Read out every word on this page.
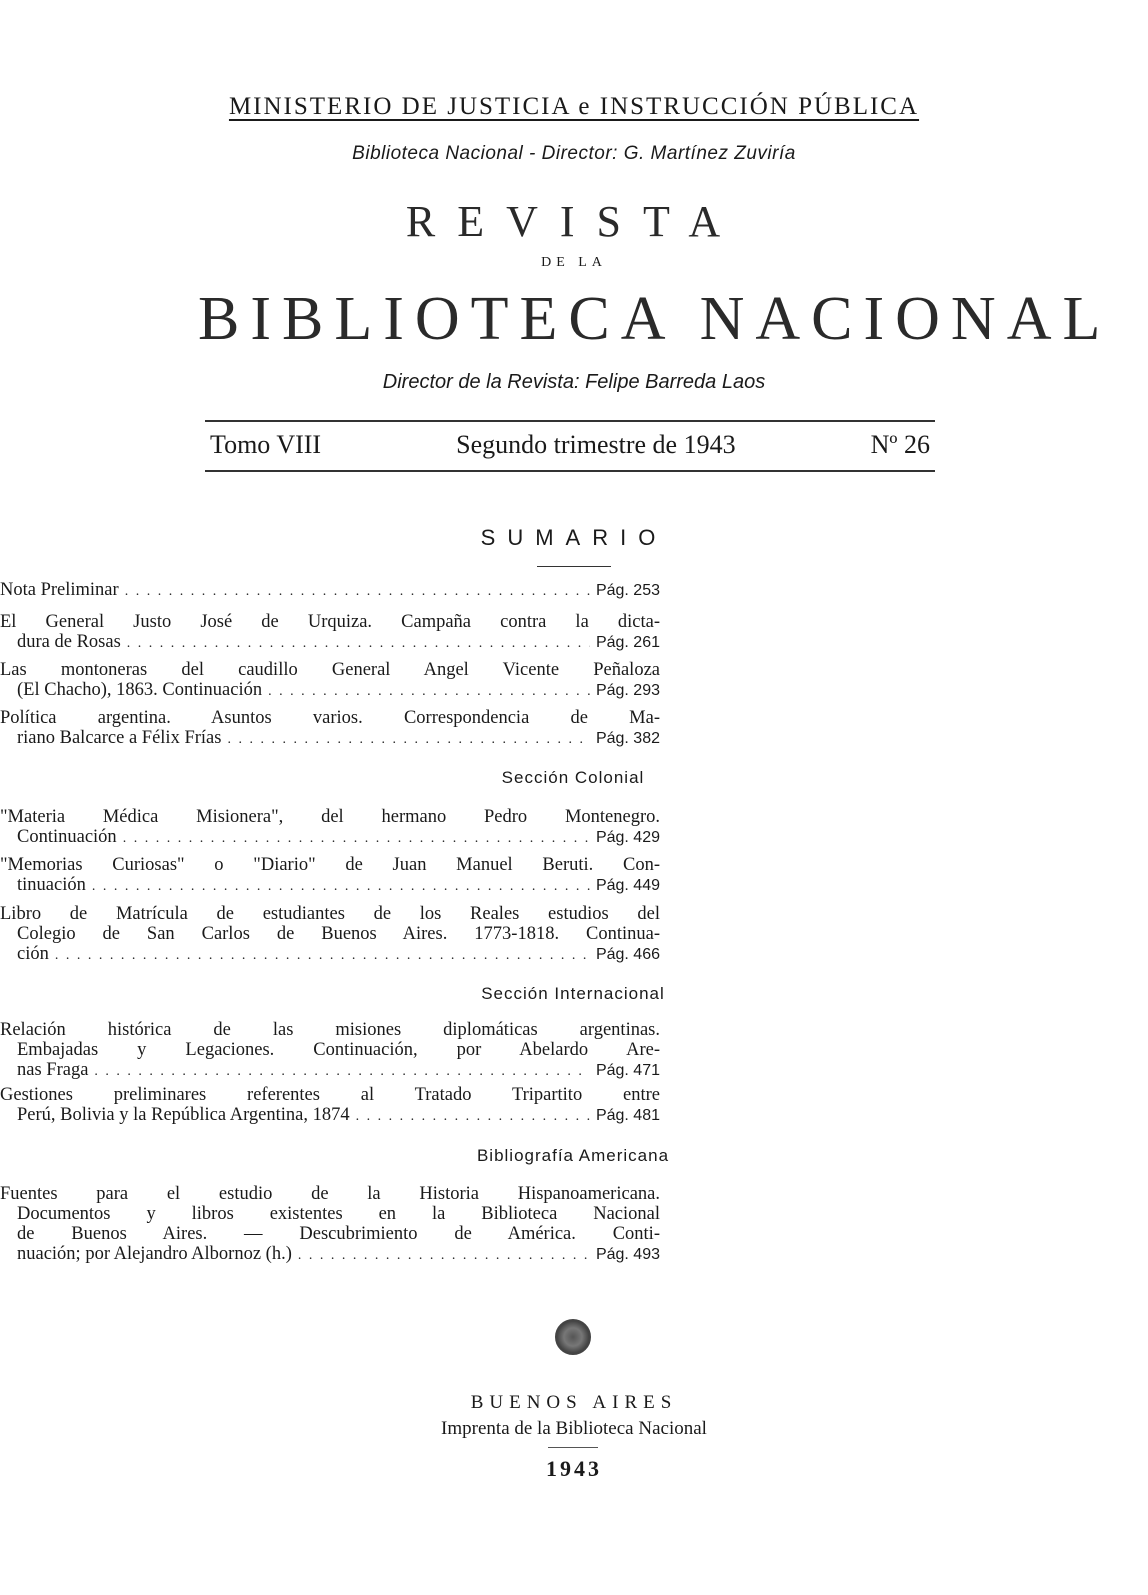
MINISTERIO DE JUSTICIA e INSTRUCCIÓN PÚBLICA
Biblioteca Nacional - Director: G. Martínez Zuviría
REVISTA
DE LA
BIBLIOTECA NACIONAL
Director de la Revista: Felipe Barreda Laos
Tomo VIII	Segundo trimestre de 1943	Nº 26
SUMARIO
Nota Preliminar . . .	Pág. 253
El General Justo José de Urquiza. Campaña contra la dicta-
dura de Rosas . . .	Pág. 261
Las montoneras del caudillo General Angel Vicente Peñaloza
(El Chacho), 1863. Continuación . . .	Pág. 293
Política argentina. Asuntos varios. Correspondencia de Ma-
riano Balcarce a Félix Frías . . .	Pág. 382
Sección Colonial
"Materia Médica Misionera", del hermano Pedro Montenegro.
Continuación . . .	Pág. 429
"Memorias Curiosas" o "Diario" de Juan Manuel Beruti. Con-
tinuación . . .	Pág. 449
Libro de Matrícula de estudiantes de los Reales estudios del
Colegio de San Carlos de Buenos Aires. 1773-1818. Continua-
ción . . .	Pág. 466
Sección Internacional
Relación histórica de las misiones diplomáticas argentinas.
Embajadas y Legaciones. Continuación, por Abelardo Are-
nas Fraga . . .	Pág. 471
Gestiones preliminares referentes al Tratado Tripartito entre
Perú, Bolivia y la República Argentina, 1874 . . .	Pág. 481
Bibliografía Americana
Fuentes para el estudio de la Historia Hispanoamericana.
Documentos y libros existentes en la Biblioteca Nacional
de Buenos Aires. — Descubrimiento de América. Conti-
nuación; por Alejandro Albornoz (h.) . . .	Pág. 493
BUENOS AIRES
Imprenta de la Biblioteca Nacional
1943
